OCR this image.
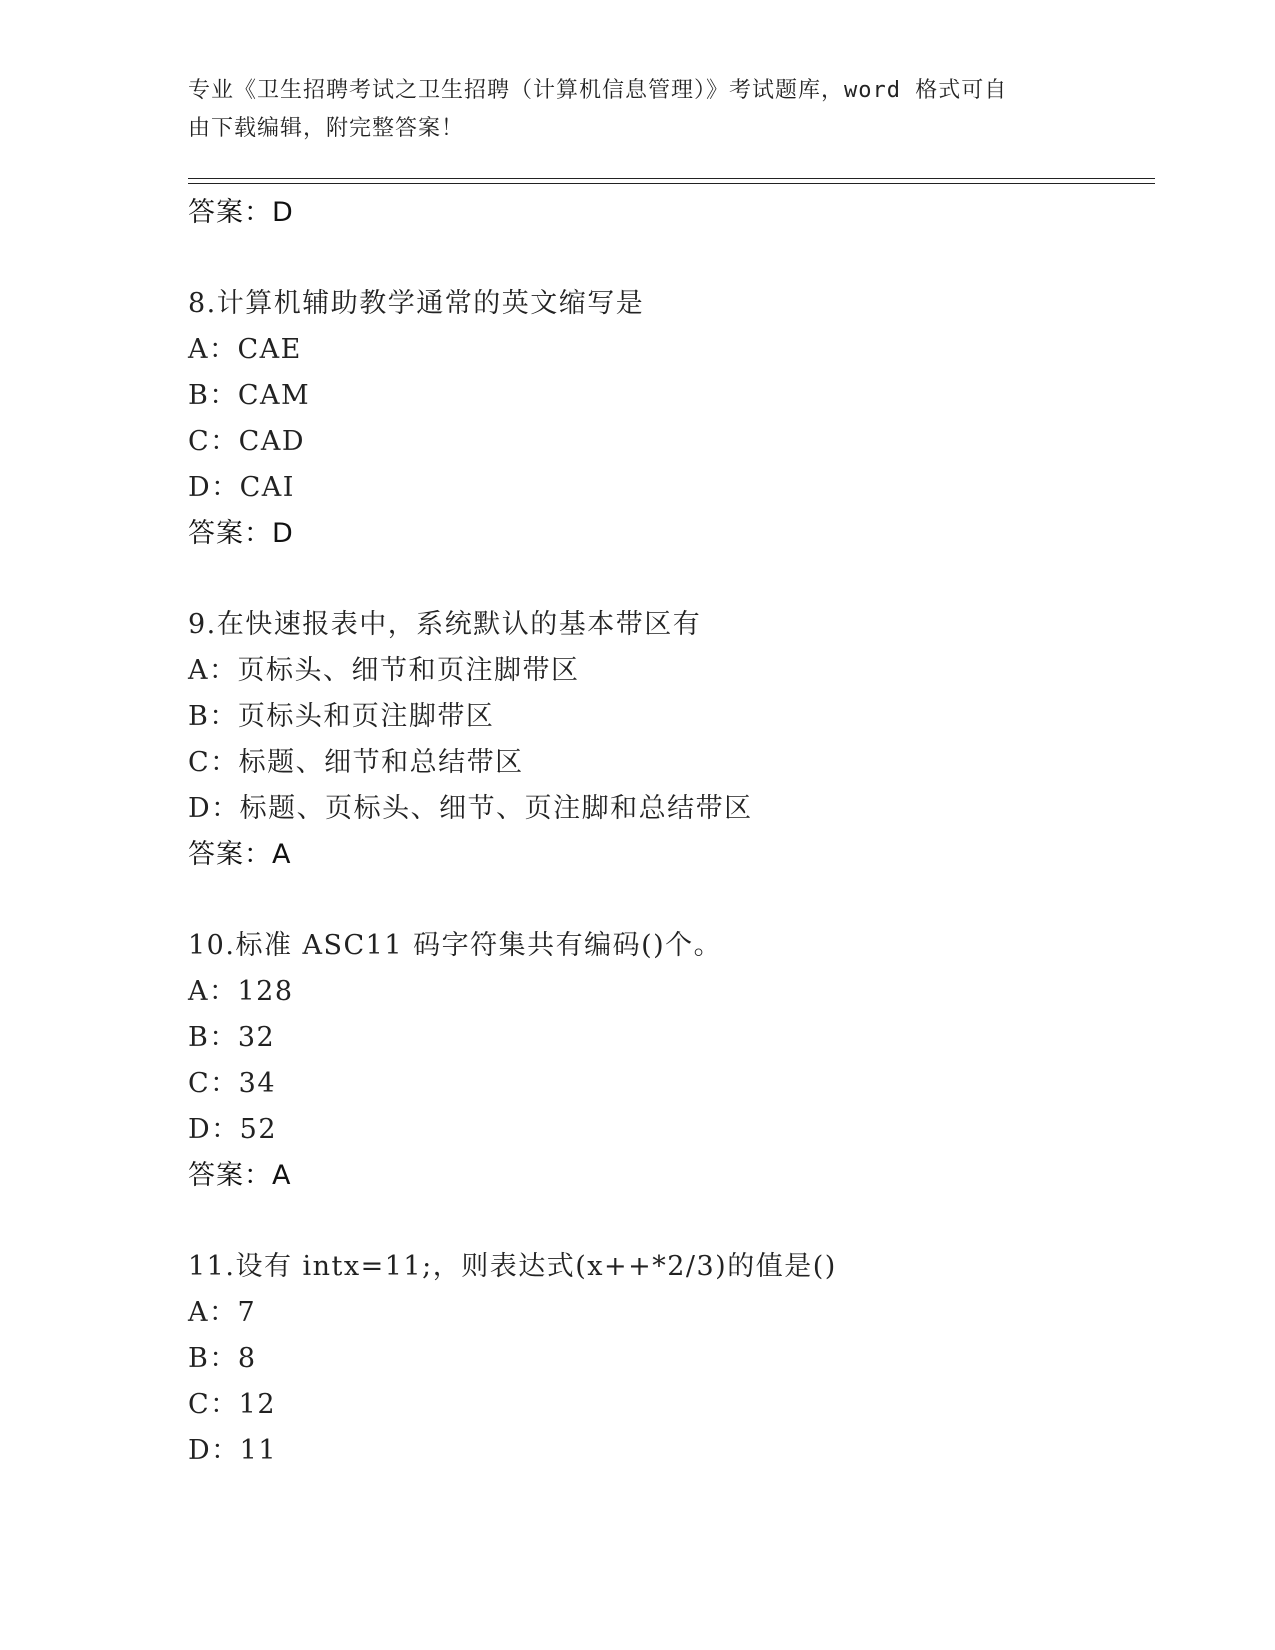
专业《卫生招聘考试之卫生招聘（计算机信息管理）》考试题库，word 格式可自
由下载编辑，附完整答案！
答案：D
8.计算机辅助教学通常的英文缩写是
A：CAE
B：CAM
C：CAD
D：CAI
答案：D
9.在快速报表中，系统默认的基本带区有
A：页标头、细节和页注脚带区
B：页标头和页注脚带区
C：标题、细节和总结带区
D：标题、页标头、细节、页注脚和总结带区
答案：A
10.标准 ASC11 码字符集共有编码()个。
A：128
B：32
C：34
D：52
答案：A
11.设有 intx=11;，则表达式(x++*2/3)的值是()
A：7
B：8
C：12
D：11
